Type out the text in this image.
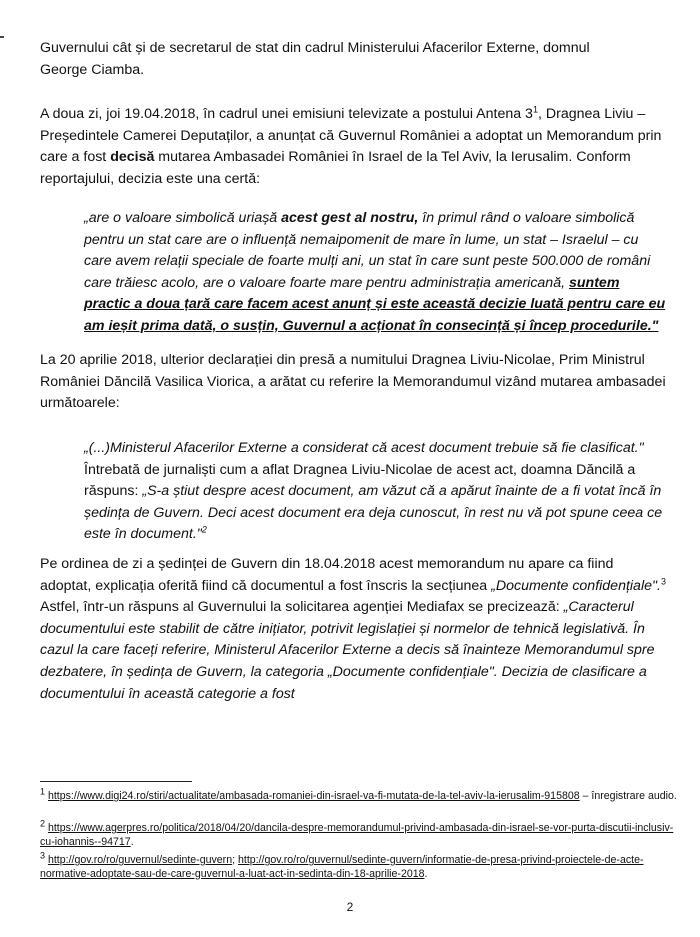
Guvernului cât și de secretarul de stat din cadrul Ministerului Afacerilor Externe, domnul
George Ciamba.

A doua zi, joi 19.04.2018, în cadrul unei emisiuni televizate a postului Antena $3^1$, Dragnea Liviu – Președintele Camerei Deputaților, a anunțat că Guvernul României a adoptat un Memorandum prin care a fost decisă mutarea Ambasadei României în Israel de la Tel Aviv, la Ierusalim. Conform reportajului, decizia este una certă:

„are o valoare simbolică uriașă acest gest al nostru, în primul rând o valoare simbolică pentru un stat care are o influență nemaipomenit de mare în lume, un stat – Israelul – cu care avem relații speciale de foarte mulți ani, un stat în care sunt peste 500.000 de români care trăiesc acolo, are o valoare foarte mare pentru administrația americană, suntem practic a doua țară care facem acest anunț și este această decizie luată pentru care eu am ieșit prima dată, o susțin, Guvernul a acționat în consecință și încep procedurile."

La 20 aprilie 2018, ulterior declarației din presă a numitului Dragnea Liviu-Nicolae, Prim Ministrul României Dăncilă Vasilica Viorica, a arătat cu referire la Memorandumul vizând mutarea ambasadei următoarele:

„(...)Ministerul Afacerilor Externe a considerat că acest document trebuie să fie clasificat."
Întrebată de jurnaliști cum a aflat Dragnea Liviu-Nicolae de acest act, doamna Dăncilă a răspuns: „S-a știut despre acest document, am văzut că a apărut înainte de a fi votat încă în ședința de Guvern. Deci acest document era deja cunoscut, în rest nu vă pot spune ceea ce este în document."$^2$

Pe ordinea de zi a ședinței de Guvern din 18.04.2018 acest memorandum nu apare ca fiind adoptat, explicația oferită fiind că documentul a fost înscris la secțiunea „Documente confidențiale".$^3$ Astfel, într-un răspuns al Guvernului la solicitarea agenției Mediafax se precizează: „Caracterul documentului este stabilit de către inițiator, potrivit legislației și normelor de tehnică legislativă. În cazul la care faceți referire, Ministerul Afacerilor Externe a decis să înainteze Memorandumul spre dezbatere, în ședința de Guvern, la categoria „Documente confidențiale". Decizia de clasificare a documentului în această categorie a fost

$^1$ https://www.digi24.ro/stiri/actualitate/ambasada-romaniei-din-israel-va-fi-mutata-de-la-tel-aviv-la-ierusalim-915808 – înregistrare audio.

$^2$ https://www.agerpres.ro/politica/2018/04/20/dancila-despre-memorandumul-privind-ambasada-din-israel-se-vor-purta-discutii-inclusiv-cu-iohannis--94717.

$^3$ http://gov.ro/ro/guvernul/sedinte-guvern; http://gov.ro/ro/guvernul/sedinte-guvern/informatie-de-presa-privind-proiectele-de-acte-normative-adoptate-sau-de-care-guvernul-a-luat-act-in-sedinta-din-18-aprilie-2018.

2
